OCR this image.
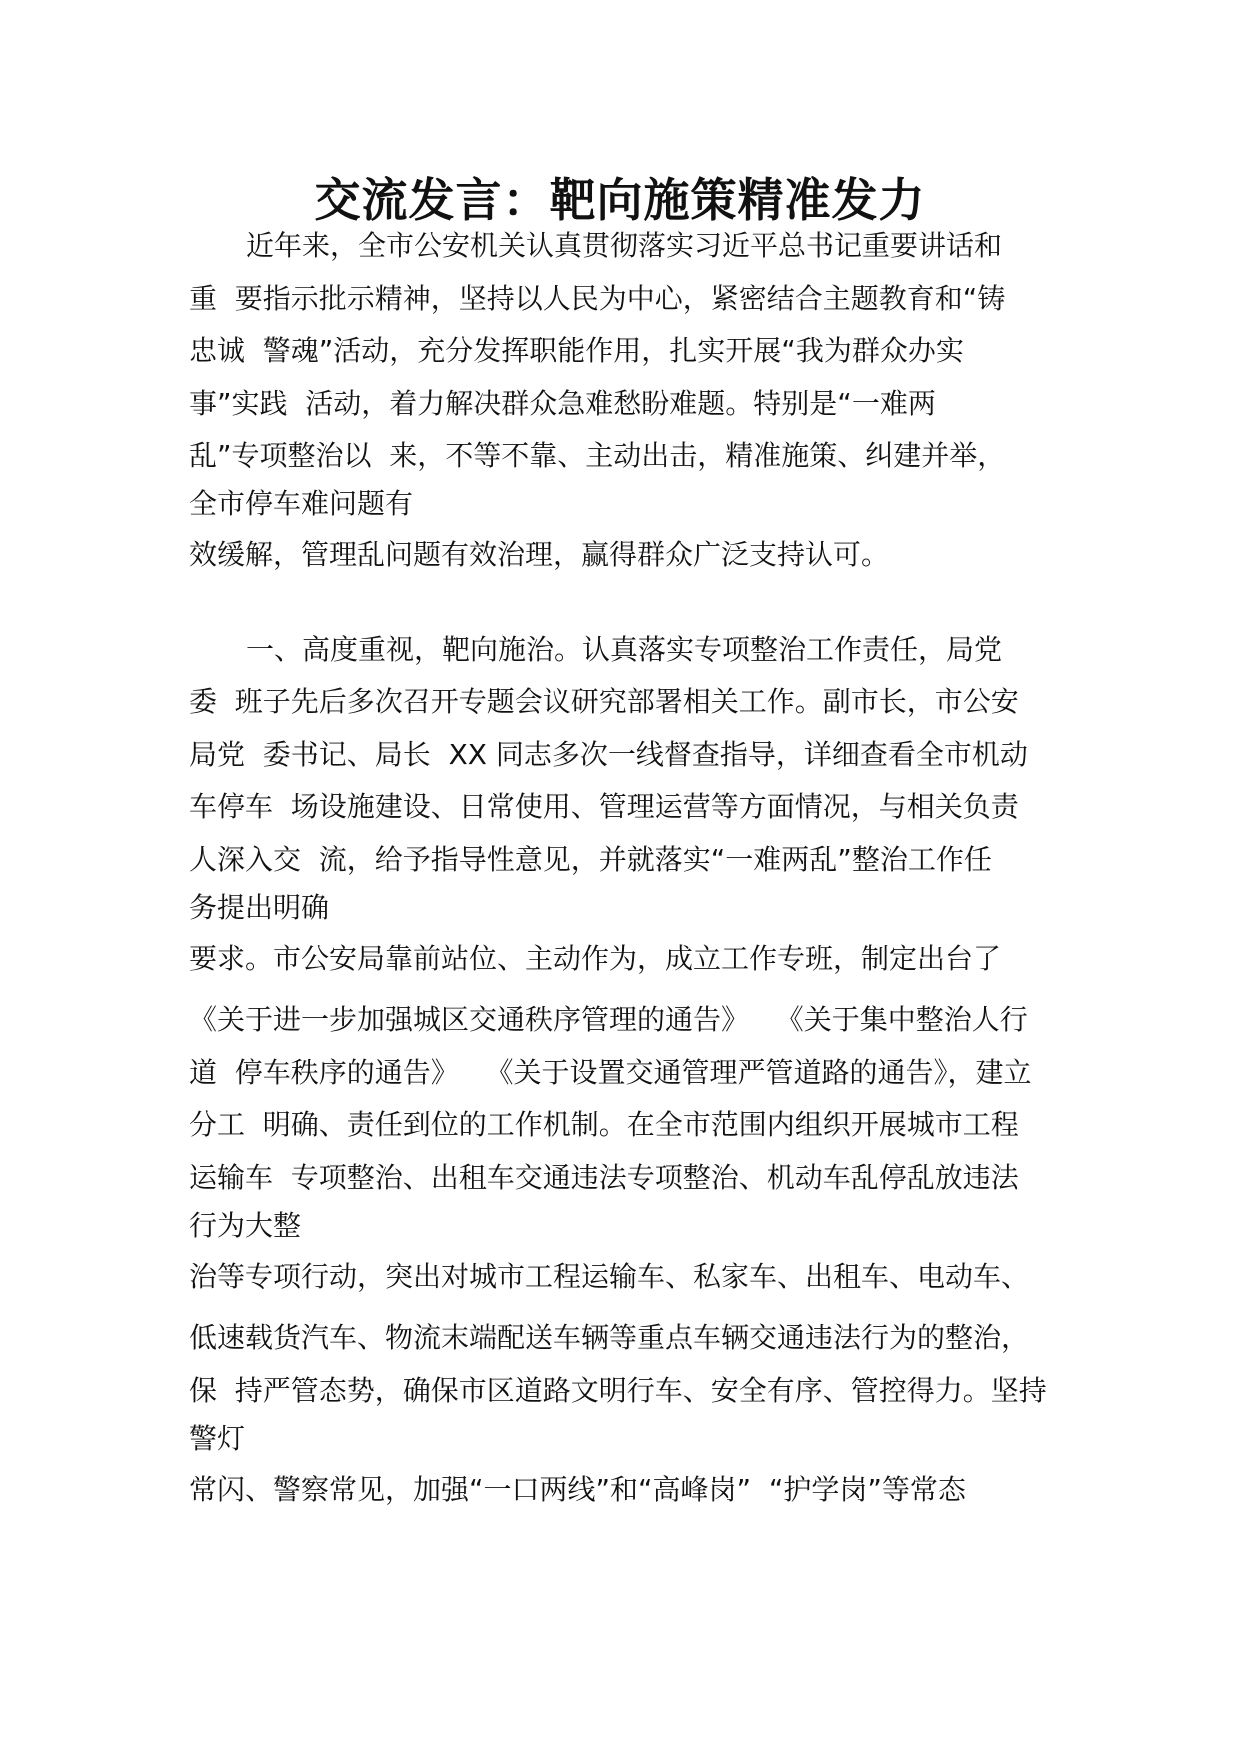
交流发言：靶向施策精准发力

近年来，全市公安机关认真贯彻落实习近平总书记重要讲话和

重  要指示批示精神，坚持以人民为中心，紧密结合主题教育和“铸

忠诚  警魂”活动，充分发挥职能作用，扎实开展“我为群众办实

事”实践  活动，着力解决群众急难愁盼难题。特别是“一难两

乱”专项整治以  来，不等不靠、主动出击，精准施策、纠建并举，

全市停车难问题有

效缓解，管理乱问题有效治理，赢得群众广泛支持认可。

一、高度重视，靶向施治。认真落实专项整治工作责任，局党

委  班子先后多次召开专题会议研究部署相关工作。副市长，市公安

局党  委书记、局长  XX 同志多次一线督查指导，详细查看全市机动

车停车  场设施建设、日常使用、管理运营等方面情况，与相关负责

人深入交  流，给予指导性意见，并就落实“一难两乱”整治工作任

务提出明确

要求。市公安局靠前站位、主动作为，成立工作专班，制定出台了

《关于进一步加强城区交通秩序管理的通告》   《关于集中整治人行

道  停车秩序的通告》   《关于设置交通管理严管道路的通告》，建立

分工  明确、责任到位的工作机制。在全市范围内组织开展城市工程

运输车  专项整治、出租车交通违法专项整治、机动车乱停乱放违法

行为大整

治等专项行动，突出对城市工程运输车、私家车、出租车、电动车、

低速载货汽车、物流末端配送车辆等重点车辆交通违法行为的整治，

保  持严管态势，确保市区道路文明行车、安全有序、管控得力。坚持

警灯

常闪、警察常见，加强“一口两线”和“高峰岗”  “护学岗”等常态
